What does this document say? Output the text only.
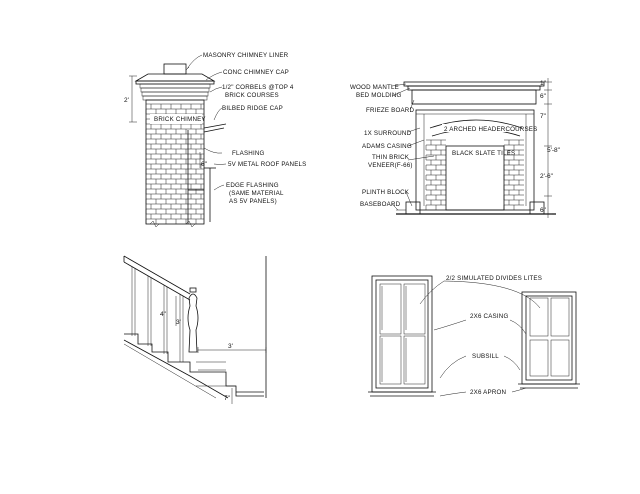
2'
6"
MASONRY CHIMNEY LINER
CONC CHIMNEY CAP
1/2" CORBELS @TOP 4
BRICK COURSES
BILBED RIDGE CAP
BRICK CHIMNEY
FLASHING
5V METAL ROOF PANELS
EDGE FLASHING
(SAME MATERIAL
AS 5V PANELS)
1"
6"
7"
5'-8"
2'-6"
6"
WOOD MANTLE
BED MOLDING
FRIEZE BOARD
1X SURROUND
ADAMS CASING
THIN BRICK
VENEER(F-66)
PLINTH BLOCK
BASEBOARD
2 ARCHED HEADERCOURSES
BLACK SLATE TILES
3'
4"
3'
7"
2/2 SIMULATED DIVIDES LITES
2X6 CASING
SUBSILL
2X6 APRON
